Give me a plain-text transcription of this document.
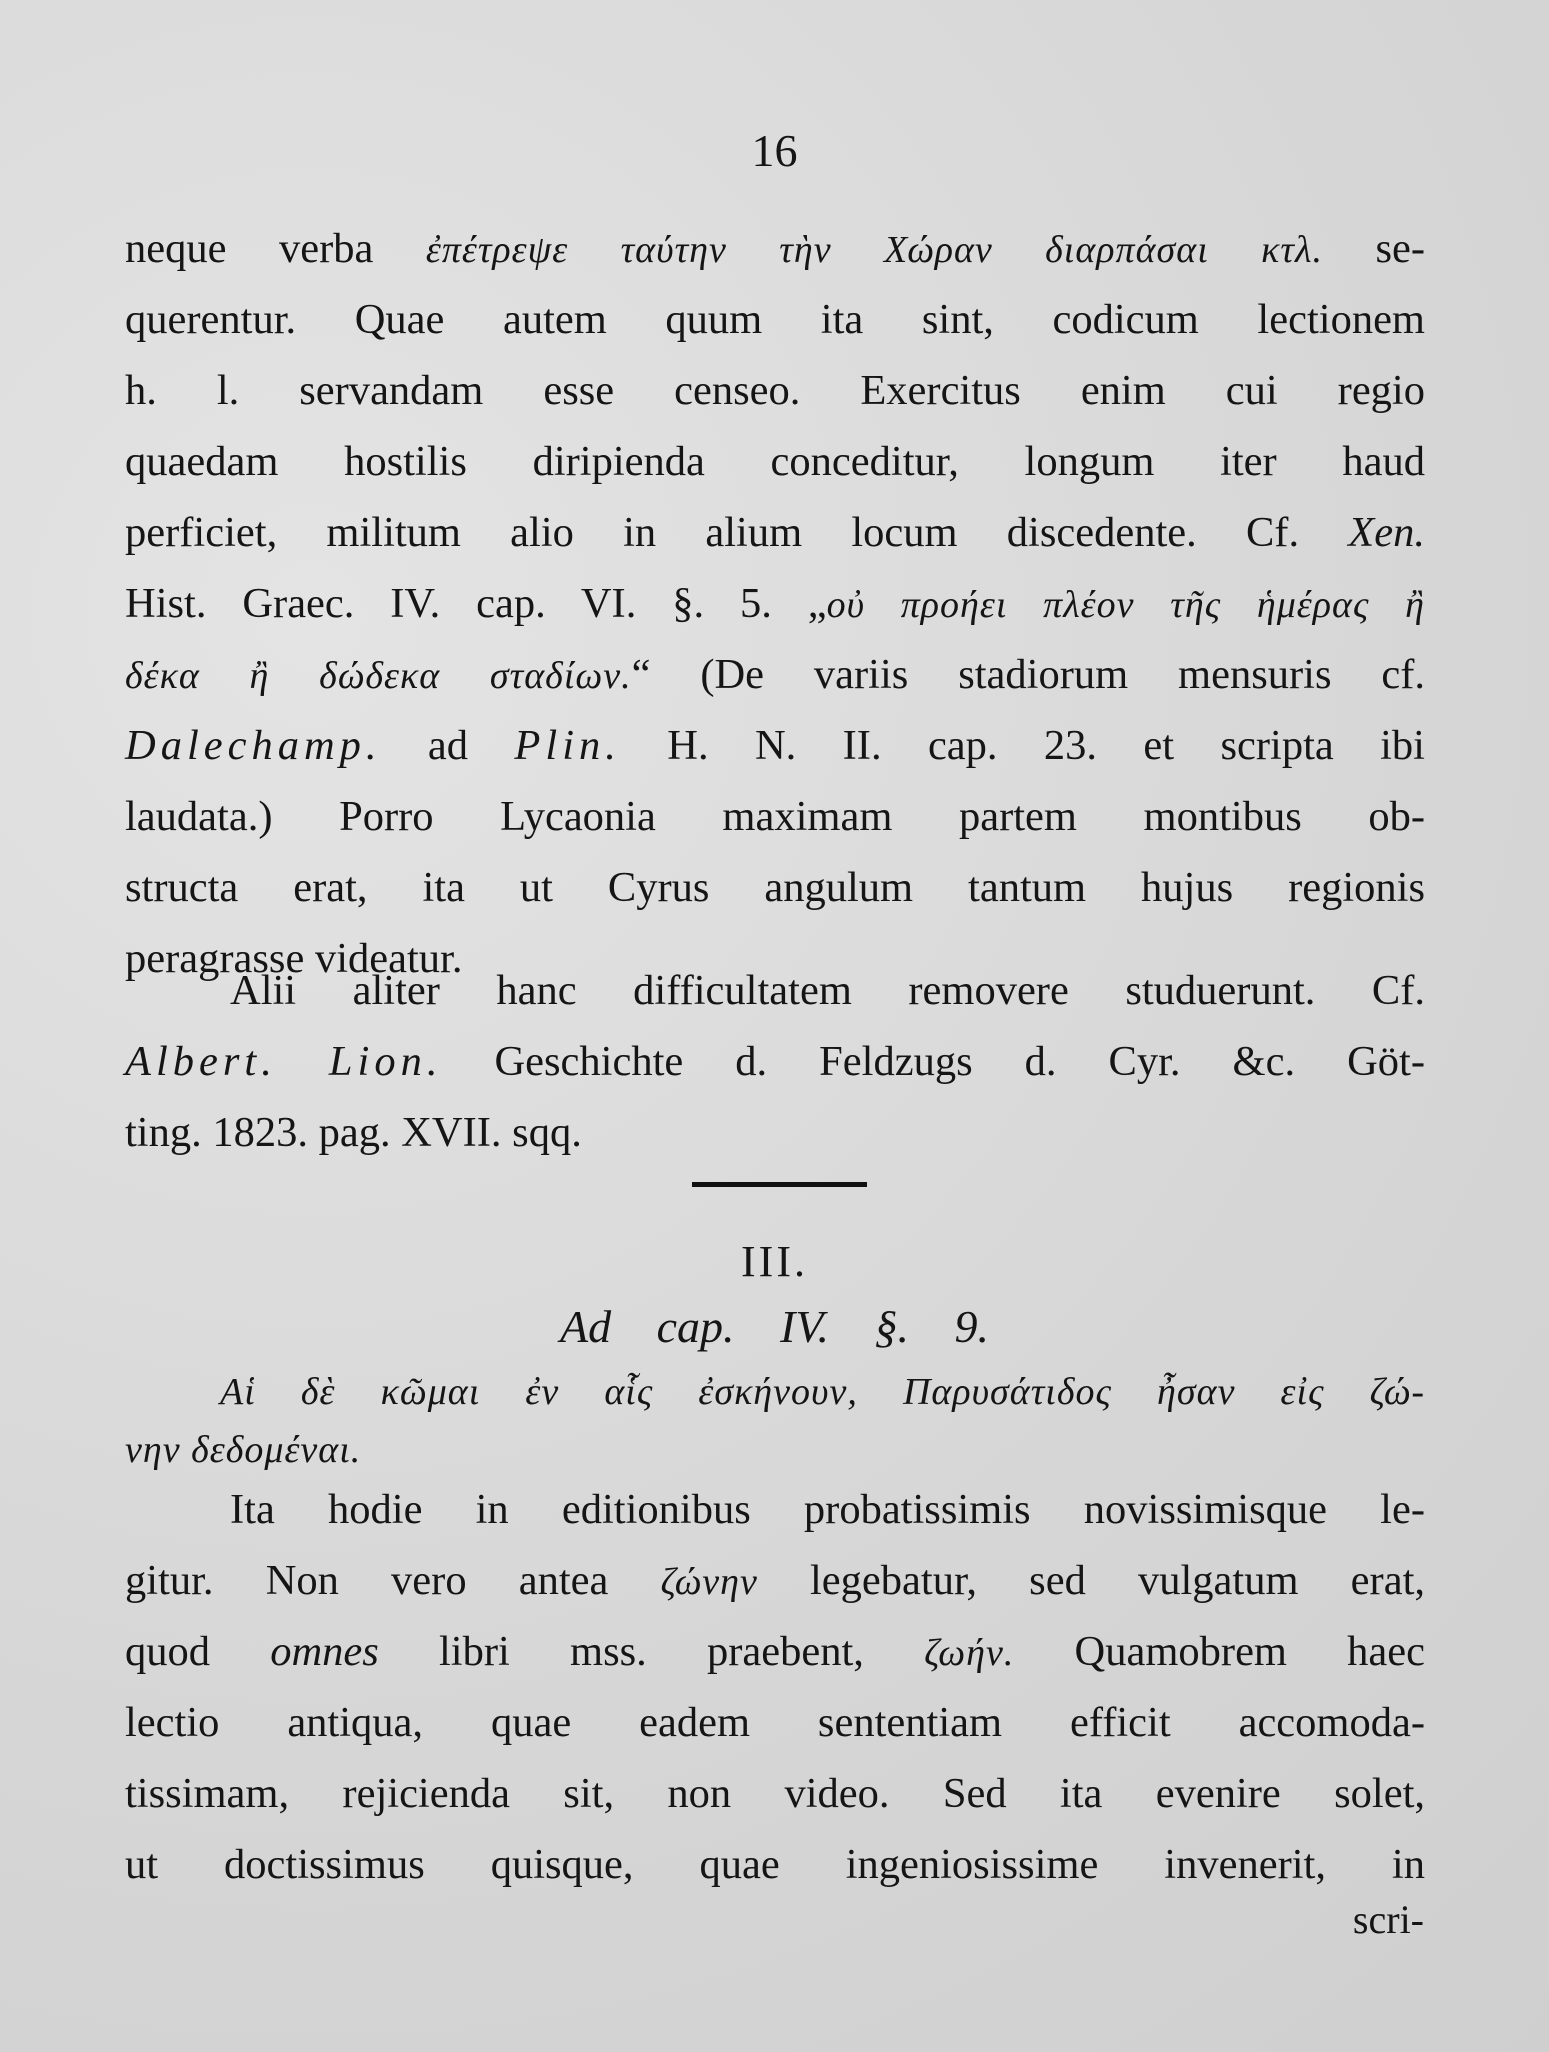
16
neque verba ἐπέτρεψε ταύτην τὴν Χώραν διαρπάσαι κτλ. se-
querentur. Quae autem quum ita sint, codicum lectionem
h. l. servandam esse censeo. Exercitus enim cui regio
quaedam hostilis diripienda conceditur, longum iter haud
perficiet, militum alio in alium locum discedente. Cf. Xen.
Hist. Graec. IV. cap. VI. §. 5. „οὐ προήει πλέον τῆς ἡμέρας ἢ
δέκα ἢ δώδεκα σταδίων.“ (De variis stadiorum mensuris cf.
Dalechamp. ad Plin. H. N. II. cap. 23. et scripta ibi
laudata.) Porro Lycaonia maximam partem montibus ob-
structa erat, ita ut Cyrus angulum tantum hujus regionis
peragrasse videatur.
Alii aliter hanc difficultatem removere studuerunt. Cf.
Albert. Lion. Geschichte d. Feldzugs d. Cyr. &c. Göt-
ting. 1823. pag. XVII. sqq.
III.
Ad cap. IV. §. 9.
Αἱ δὲ κῶμαι ἐν αἷς ἐσκήνουν, Παρυσάτιδος ἦσαν εἰς ζώ-
νην δεδομέναι.
Ita hodie in editionibus probatissimis novissimisque le-
gitur. Non vero antea ζώνην legebatur, sed vulgatum erat,
quod omnes libri mss. praebent, ζωήν. Quamobrem haec
lectio antiqua, quae eadem sententiam efficit accomoda-
tissimam, rejicienda sit, non video. Sed ita evenire solet,
ut doctissimus quisque, quae ingeniosissime invenerit, in
scri-
